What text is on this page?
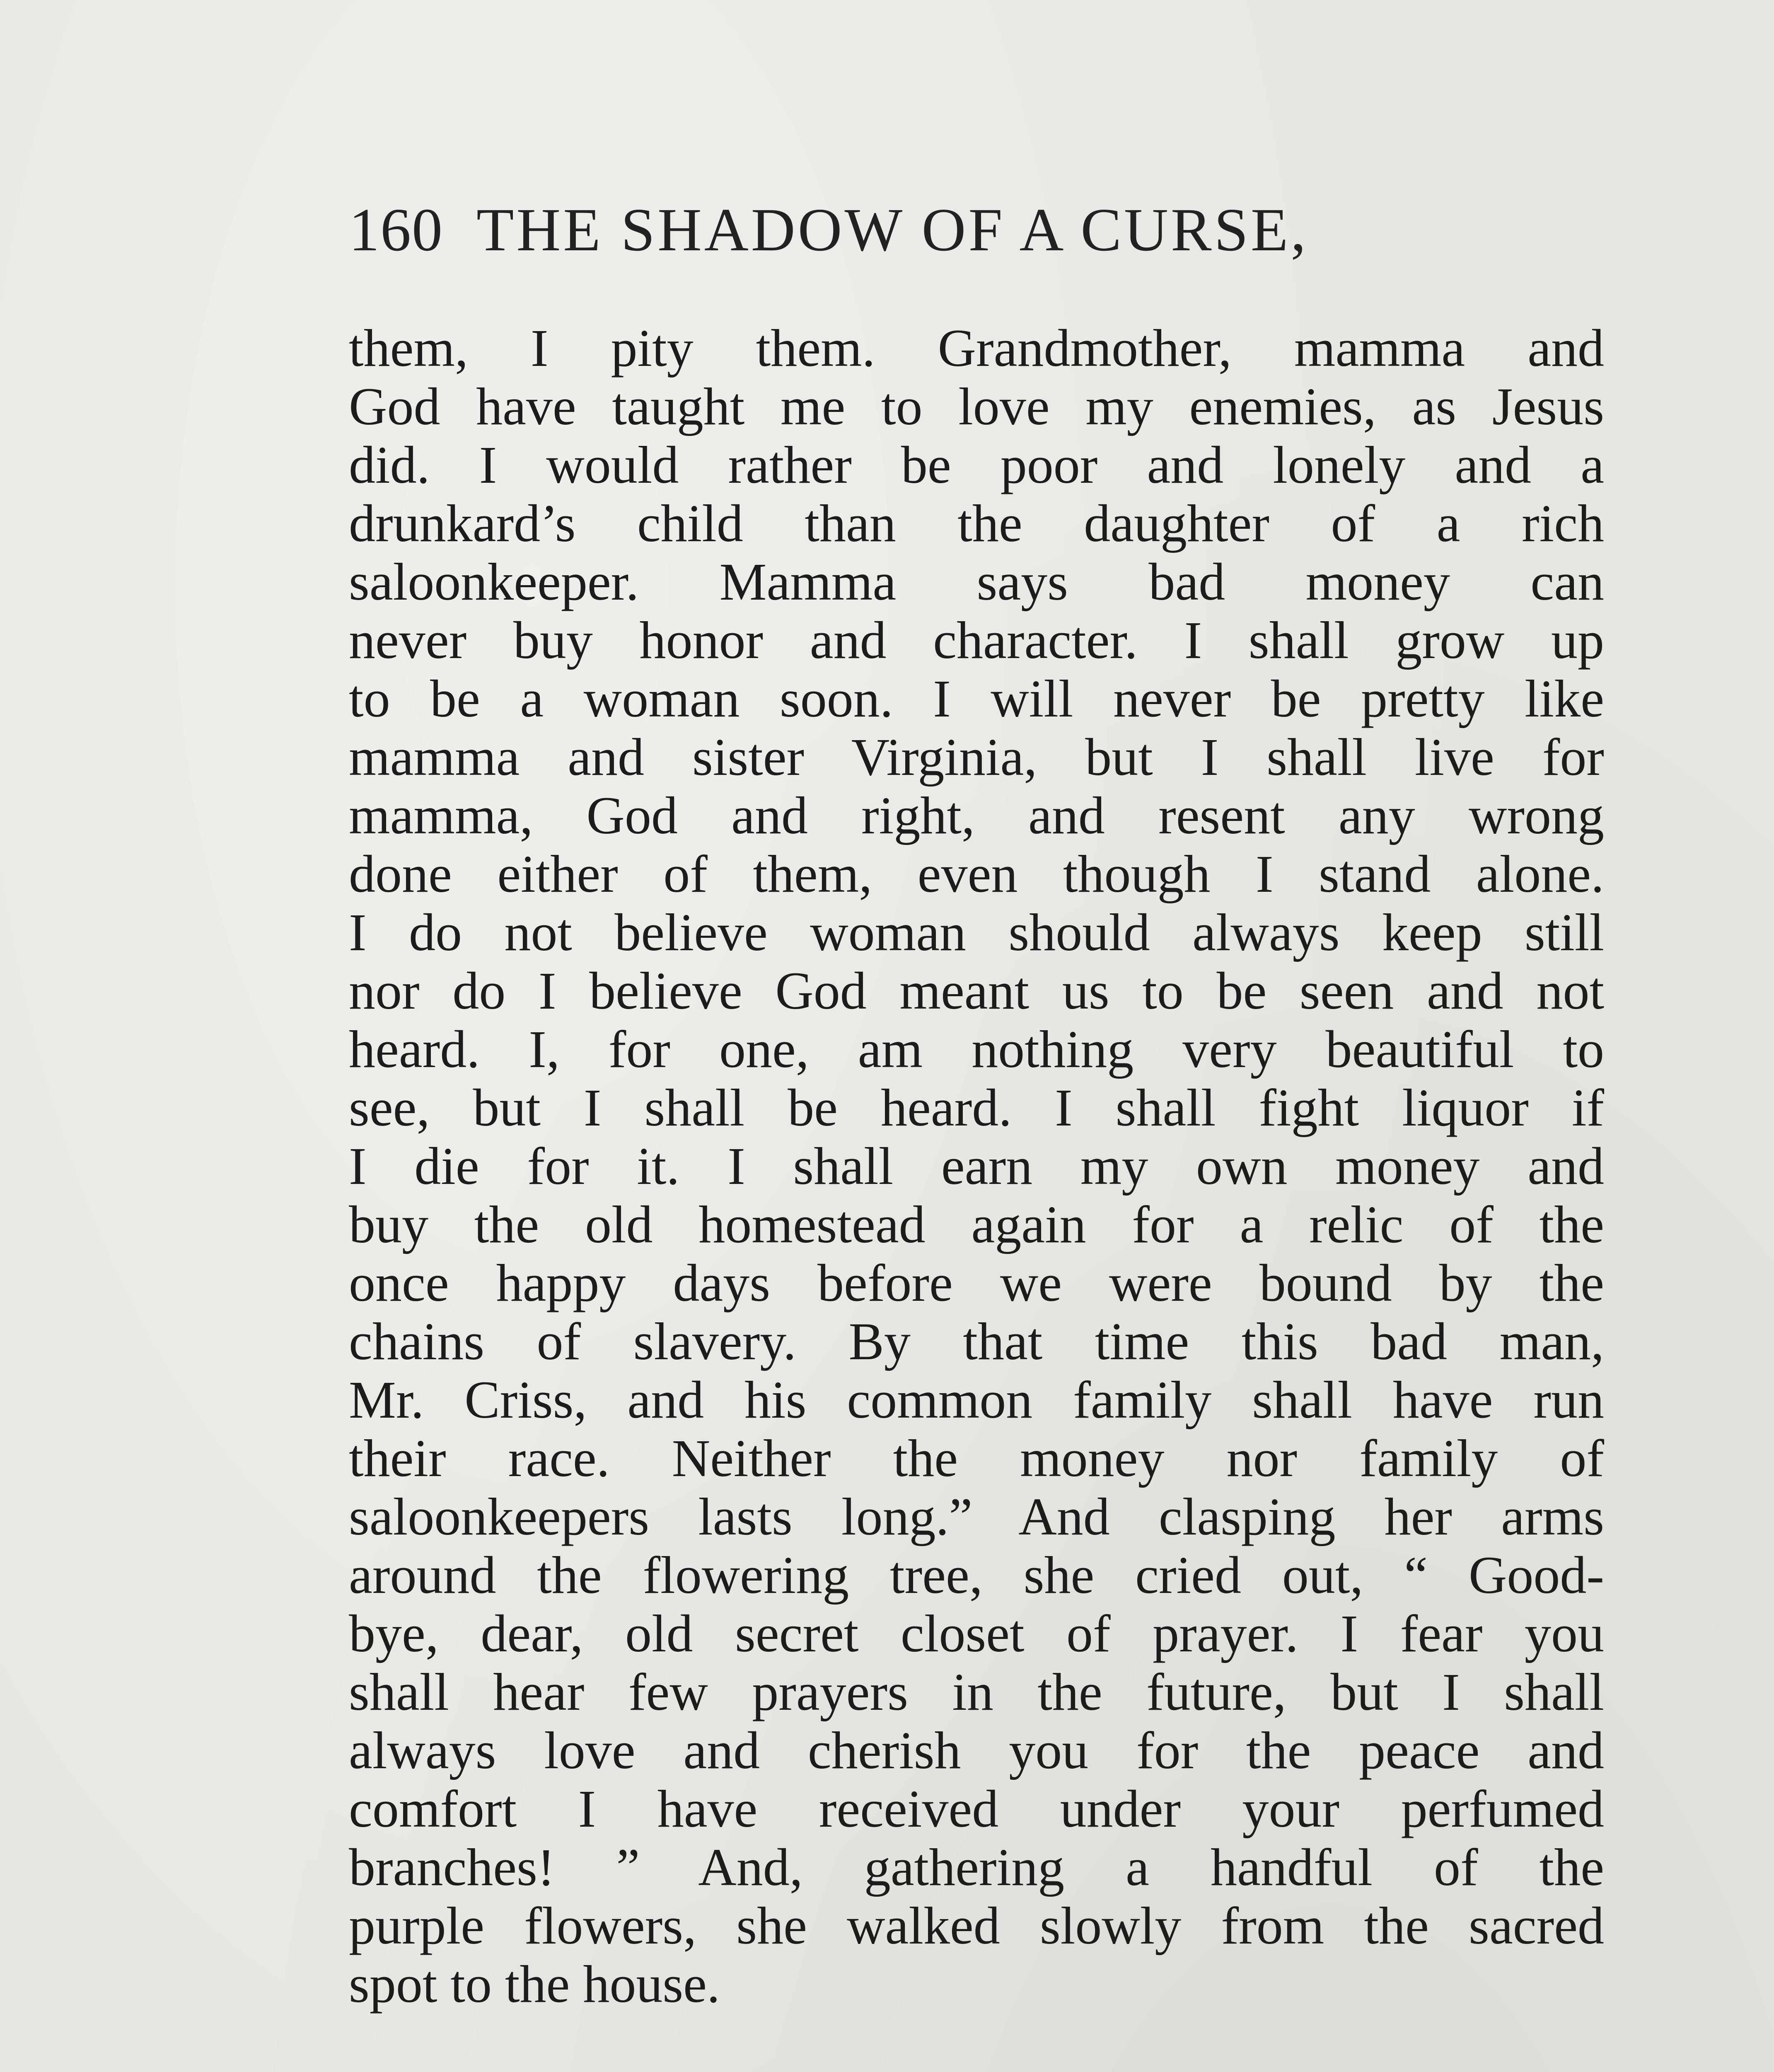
160 THE SHADOW OF A CURSE,
them, I pity them. Grandmother, mamma and
God have taught me to love my enemies, as Jesus
did. I would rather be poor and lonely and a
drunkard’s child than the daughter of a rich
saloonkeeper. Mamma says bad money can
never buy honor and character. I shall grow up
to be a woman soon. I will never be pretty like
mamma and sister Virginia, but I shall live for
mamma, God and right, and resent any wrong
done either of them, even though I stand alone.
I do not believe woman should always keep still
nor do I believe God meant us to be seen and not
heard. I, for one, am nothing very beautiful to
see, but I shall be heard. I shall fight liquor if
I die for it. I shall earn my own money and
buy the old homestead again for a relic of the
once happy days before we were bound by the
chains of slavery. By that time this bad man,
Mr. Criss, and his common family shall have run
their race. Neither the money nor family of
saloonkeepers lasts long.” And clasping her arms
around the flowering tree, she cried out, “ Good-
bye, dear, old secret closet of prayer. I fear you
shall hear few prayers in the future, but I shall
always love and cherish you for the peace and
comfort I have received under your perfumed
branches! ” And, gathering a handful of the
purple flowers, she walked slowly from the sacred
spot to the house.
